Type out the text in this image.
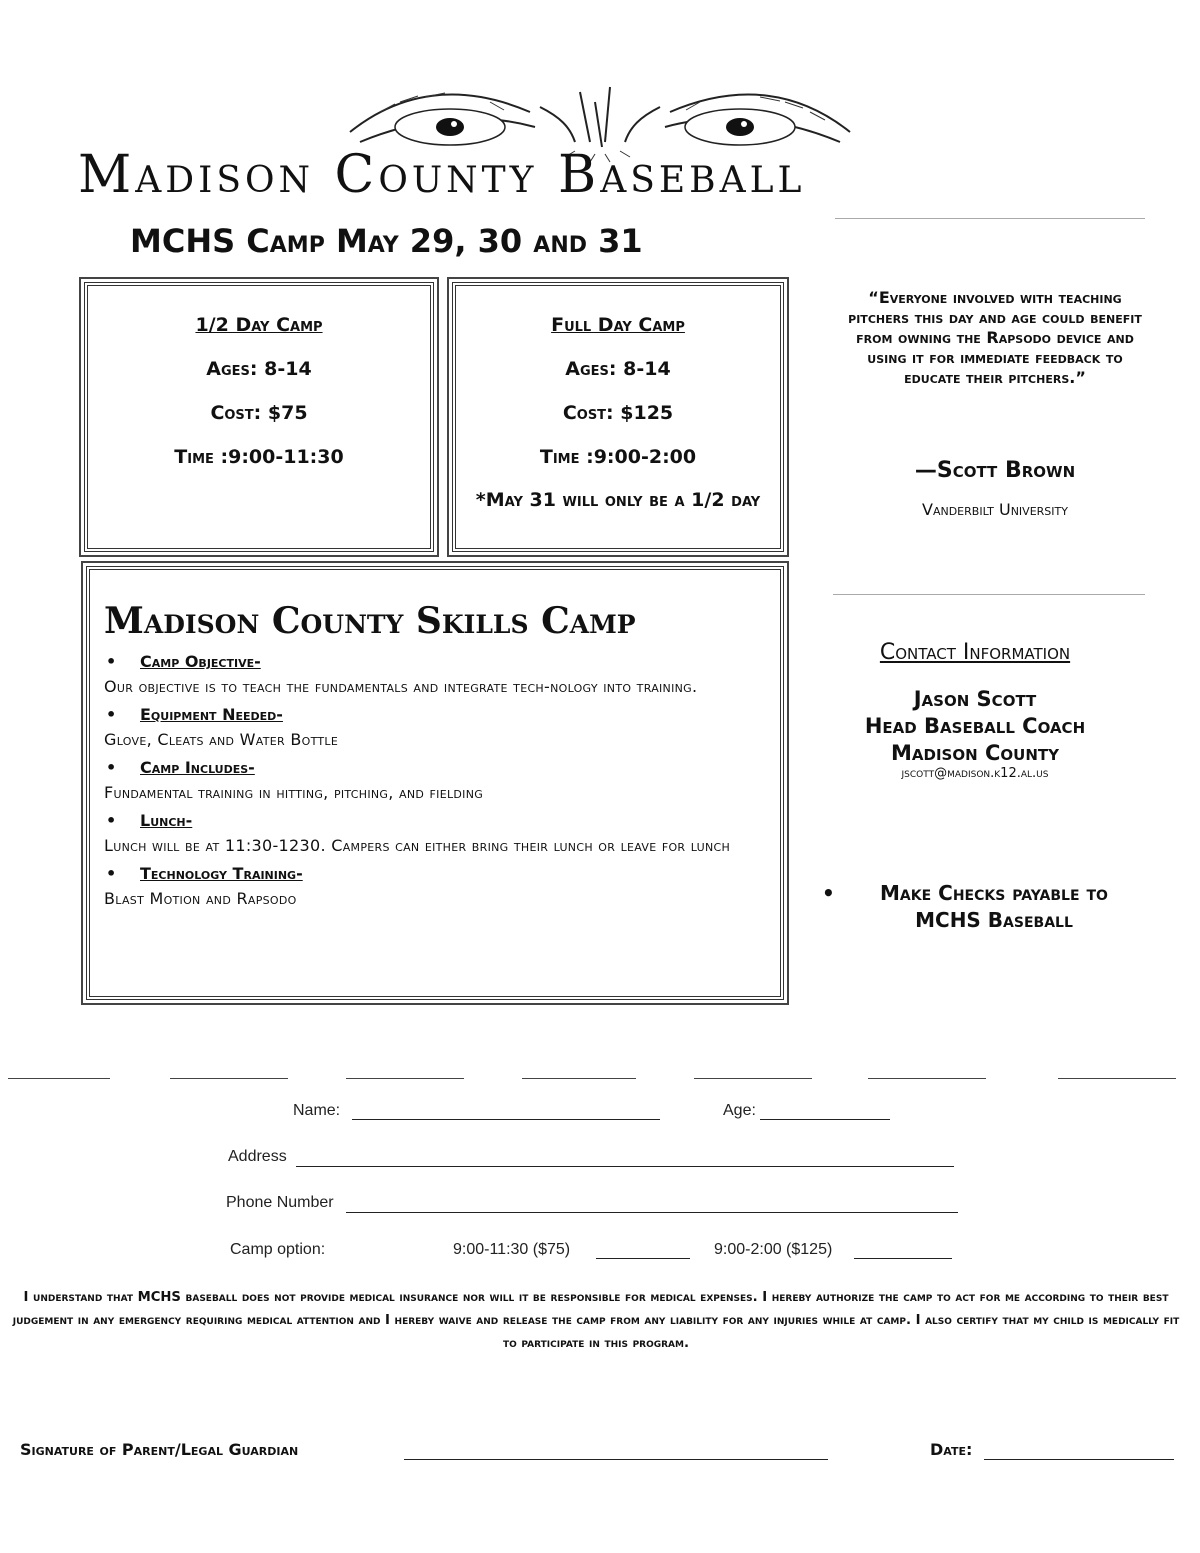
Madison County Baseball
MCHS Camp May 29, 30 and 31
1/2 Day Camp
Ages: 8-14
Cost: $75
Time :9:00-11:30
Full Day Camp
Ages: 8-14
Cost: $125
Time :9:00-2:00
*May 31 will only be a 1/2 day
Madison County Skills Camp
• Camp Objective-
Our objective is to teach the fundamentals and integrate tech-nology into training.
• Equipment Needed-
Glove, Cleats and Water Bottle
• Camp Includes-
Fundamental training in hitting, pitching, and fielding
• Lunch-
Lunch will be at 11:30-1230. Campers can either bring their lunch or leave for lunch
• Technology Training-
Blast Motion and Rapsodo
“Everyone involved with teaching pitchers this day and age could benefit from owning the Rapsodo device and using it for immediate feedback to educate their pitchers.”
—Scott Brown
Vanderbilt University
Contact Information
Jason Scott
Head Baseball Coach
Madison County
jscott@madison.k12.al.us
•	Make Checks payable to MCHS Baseball
Name:	Age:
Address
Phone Number
Camp option:	9:00-11:30 ($75)	9:00-2:00 ($125)
I understand that MCHS baseball does not provide medical insurance nor will it be responsible for medical expenses. I hereby authorize the camp to act for me according to their best judgement in any emergency requiring medical attention and I hereby waive and release the camp from any liability for any injuries while at camp. I also certify that my child is medically fit to participate in this program.
Signature of Parent/Legal Guardian	Date:
